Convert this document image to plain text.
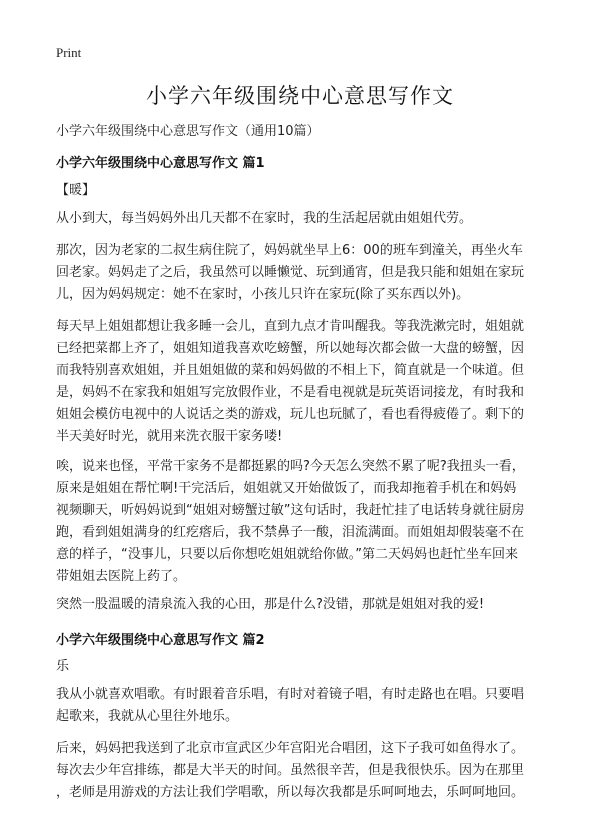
Print
小学六年级围绕中心意思写作文
小学六年级围绕中心意思写作文（通用10篇）
小学六年级围绕中心意思写作文 篇1
【暖】
从小到大，每当妈妈外出几天都不在家时，我的生活起居就由姐姐代劳。
那次，因为老家的二叔生病住院了，妈妈就坐早上6：00的班车到潼关，再坐火车
回老家。妈妈走了之后，我虽然可以睡懒觉、玩到通宵，但是我只能和姐姐在家玩
儿，因为妈妈规定：她不在家时，小孩儿只许在家玩(除了买东西以外)。
每天早上姐姐都想让我多睡一会儿，直到九点才肯叫醒我。等我洗漱完时，姐姐就
已经把菜都上齐了，姐姐知道我喜欢吃螃蟹，所以她每次都会做一大盘的螃蟹，因
而我特别喜欢姐姐，并且姐姐做的菜和妈妈做的不相上下，简直就是一个味道。但
是，妈妈不在家我和姐姐写完放假作业，不是看电视就是玩英语词接龙，有时我和
姐姐会模仿电视中的人说话之类的游戏，玩儿也玩腻了，看也看得疲倦了。剩下的
半天美好时光，就用来洗衣服干家务喽!
唉，说来也怪，平常干家务不是都挺累的吗?今天怎么突然不累了呢?我扭头一看，
原来是姐姐在帮忙啊!干完活后，姐姐就又开始做饭了，而我却拖着手机在和妈妈
视频聊天，听妈妈说到“姐姐对螃蟹过敏”这句话时，我赶忙挂了电话转身就往厨房
跑，看到姐姐满身的红疙瘩后，我不禁鼻子一酸，泪流满面。而姐姐却假装毫不在
意的样子，“没事儿，只要以后你想吃姐姐就给你做。”第二天妈妈也赶忙坐车回来
带姐姐去医院上药了。
突然一股温暖的清泉流入我的心田，那是什么?没错，那就是姐姐对我的爱!
小学六年级围绕中心意思写作文 篇2
乐
我从小就喜欢唱歌。有时跟着音乐唱，有时对着镜子唱，有时走路也在唱。只要唱
起歌来，我就从心里往外地乐。
后来，妈妈把我送到了北京市宣武区少年宫阳光合唱团，这下子我可如鱼得水了。
每次去少年宫排练，都是大半天的时间。虽然很辛苦，但是我很快乐。因为在那里
，老师是用游戏的方法让我们学唱歌，所以每次我都是乐呵呵地去，乐呵呵地回。
